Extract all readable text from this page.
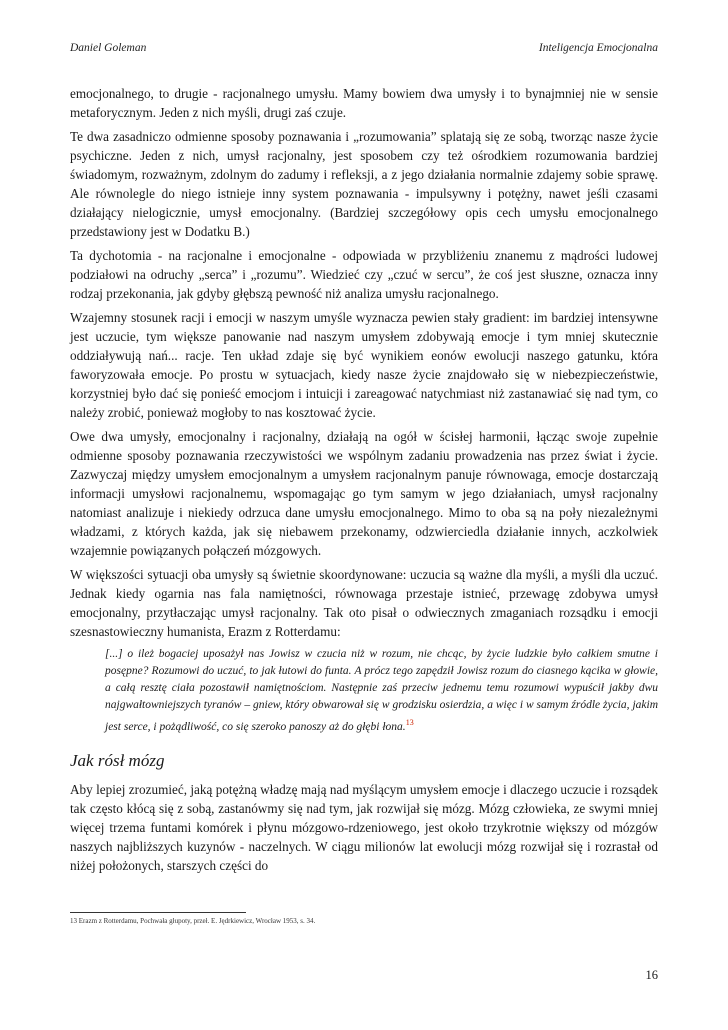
Daniel Goleman	Inteligencja Emocjonalna

emocjonalnego, to drugie - racjonalnego umysłu. Mamy bowiem dwa umysły i to bynajmniej nie w sensie metaforycznym. Jeden z nich myśli, drugi zaś czuje.

Te dwa zasadniczo odmienne sposoby poznawania i „rozumowania” splatają się ze sobą, tworząc nasze życie psychiczne. Jeden z nich, umysł racjonalny, jest sposobem czy też ośrodkiem rozumowania bardziej świadomym, rozważnym, zdolnym do zadumy i refleksji, a z jego działania normalnie zdajemy sobie sprawę. Ale równolegle do niego istnieje inny system poznawania - impulsywny i potężny, nawet jeśli czasami działający nielogicznie, umysł emocjonalny. (Bardziej szczegółowy opis cech umysłu emocjonalnego przedstawiony jest w Dodatku B.)

Ta dychotomia - na racjonalne i emocjonalne - odpowiada w przybliżeniu znanemu z mądrości ludowej podziałowi na odruchy „serca” i „rozumu”. Wiedzieć czy „czuć w sercu”, że coś jest słuszne, oznacza inny rodzaj przekonania, jak gdyby głębszą pewność niż analiza umysłu racjonalnego.

Wzajemny stosunek racji i emocji w naszym umyśle wyznacza pewien stały gradient: im bardziej intensywne jest uczucie, tym większe panowanie nad naszym umysłem zdobywają emocje i tym mniej skutecznie oddziaływują nań... racje. Ten układ zdaje się być wynikiem eonów ewolucji naszego gatunku, która faworyzowała emocje. Po prostu w sytuacjach, kiedy nasze życie znajdowało się w niebezpieczeństwie, korzystniej było dać się ponieść emocjom i intuicji i zareagować natychmiast niż zastanawiać się nad tym, co należy zrobić, ponieważ mogłoby to nas kosztować życie.

Owe dwa umysły, emocjonalny i racjonalny, działają na ogół w ścisłej harmonii, łącząc swoje zupełnie odmienne sposoby poznawania rzeczywistości we wspólnym zadaniu prowadzenia nas przez świat i życie. Zazwyczaj między umysłem emocjonalnym a umysłem racjonalnym panuje równowaga, emocje dostarczają informacji umysłowi racjonalnemu, wspomagając go tym samym w jego działaniach, umysł racjonalny natomiast analizuje i niekiedy odrzuca dane umysłu emocjonalnego. Mimo to oba są na poły niezależnymi władzami, z których każda, jak się niebawem przekonamy, odzwierciedla działanie innych, aczkolwiek wzajemnie powiązanych połączeń mózgowych.

W większości sytuacji oba umysły są świetnie skoordynowane: uczucia są ważne dla myśli, a myśli dla uczuć. Jednak kiedy ogarnia nas fala namiętności, równowaga przestaje istnieć, przewagę zdobywa umysł emocjonalny, przytłaczając umysł racjonalny. Tak oto pisał o odwiecznych zmaganiach rozsądku i emocji szesnastowieczny humanista, Erazm z Rotterdamu:

[...] o ileż bogaciej uposażył nas Jowisz w czucia niż w rozum, nie chcąc, by życie ludzkie było całkiem smutne i posępne? Rozumowi do uczuć, to jak łutowi do funta. A prócz tego zapędził Jowisz rozum do ciasnego kącika w głowie, a całą resztę ciała pozostawił namiętnościom. Następnie zaś przeciw jednemu temu rozumowi wypuścił jakby dwu najgwałtowniejszych tyranów – gniew, który obwarował się w grodzisku osierdzia, a więc i w samym źródle życia, jakim jest serce, i pożądliwość, co się szeroko panoszy aż do głębi łona.$^{13}$
Jak rósł mózg

Aby lepiej zrozumieć, jaką potężną władzę mają nad myślącym umysłem emocje i dlaczego uczucie i rozsądek tak często kłócą się z sobą, zastanówmy się nad tym, jak rozwijał się mózg. Mózg człowieka, ze swymi mniej więcej trzema funtami komórek i płynu mózgowo-rdzeniowego, jest około trzykrotnie większy od mózgów naszych najbliższych kuzynów - naczelnych. W ciągu milionów lat ewolucji mózg rozwijał się i rozrastał od niżej położonych, starszych części do

13 Erazm z Rotterdamu, Pochwała głupoty, przeł. E. Jędrkiewicz, Wrocław 1953, s. 34.
16
